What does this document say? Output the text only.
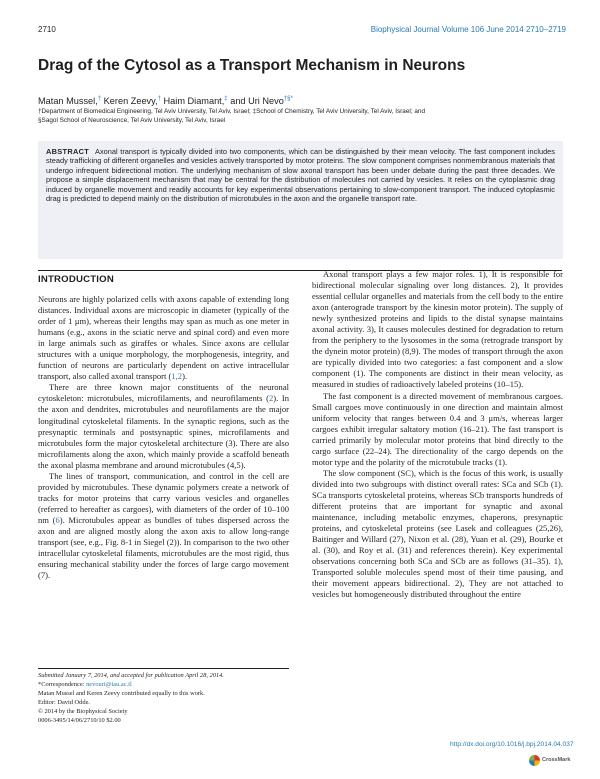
2710	Biophysical Journal Volume 106 June 2014 2710–2719
Drag of the Cytosol as a Transport Mechanism in Neurons
Matan Mussel,† Keren Zeevy,† Haim Diamant,‡ and Uri Nevo†§*
†Department of Biomedical Engineering, Tel Aviv University, Tel Aviv, Israel; ‡School of Chemistry, Tel Aviv University, Tel Aviv, Israel; and
§Sagol School of Neuroscience, Tel Aviv University, Tel Aviv, Israel
ABSTRACT Axonal transport is typically divided into two components, which can be distinguished by their mean velocity. The fast component includes steady trafficking of different organelles and vesicles actively transported by motor proteins. The slow component comprises nonmembranous materials that undergo infrequent bidirectional motion. The underlying mechanism of slow axonal transport has been under debate during the past three decades. We propose a simple displacement mechanism that may be central for the distribution of molecules not carried by vesicles. It relies on the cytoplasmic drag induced by organelle movement and readily accounts for key experimental observations pertaining to slow-component transport. The induced cytoplasmic drag is predicted to depend mainly on the distribution of microtubules in the axon and the organelle transport rate.
INTRODUCTION

Neurons are highly polarized cells with axons capable of extending long distances. Individual axons are microscopic in diameter (typically of the order of 1 μm), whereas their lengths may span as much as one meter in humans (e.g., axons in the sciatic nerve and spinal cord) and even more in large animals such as giraffes or whales. Since axons are cellular structures with a unique morphology, the morphogenesis, integrity, and function of neurons are particularly dependent on active intracellular transport, also called axonal transport (1,2).

There are three known major constituents of the neuronal cytoskeleton: microtubules, microfilaments, and neurofilaments (2). In the axon and dendrites, microtubules and neurofilaments are the major longitudinal cytoskeletal filaments. In the synaptic regions, such as the presynaptic terminals and postsynaptic spines, microfilaments and microtubules form the major cytoskeletal architecture (3). There are also microfilaments along the axon, which mainly provide a scaffold beneath the axonal plasma membrane and around microtubules (4,5).

The lines of transport, communication, and control in the cell are provided by microtubules. These dynamic polymers create a network of tracks for motor proteins that carry various vesicles and organelles (referred to hereafter as cargoes), with diameters of the order of 10–100 nm (6). Microtubules appear as bundles of tubes dispersed across the axon and are aligned mostly along the axon axis to allow long-range transport (see, e.g., Fig. 8-1 in Siegel (2)). In comparison to the two other intracellular cytoskeletal filaments, microtubules are the most rigid, thus ensuring mechanical stability under the forces of large cargo movement (7).

Axonal transport plays a few major roles. 1), It is responsible for bidirectional molecular signaling over long distances. 2), It provides essential cellular organelles and materials from the cell body to the entire axon (anterograde transport by the kinesin motor protein). The supply of newly synthesized proteins and lipids to the distal synapse maintains axonal activity. 3), It causes molecules destined for degradation to return from the periphery to the lysosomes in the soma (retrograde transport by the dynein motor protein) (8,9). The modes of transport through the axon are typically divided into two categories: a fast component and a slow component (1). The components are distinct in their mean velocity, as measured in studies of radioactively labeled proteins (10–15).

The fast component is a directed movement of membranous cargoes. Small cargoes move continuously in one direction and maintain almost uniform velocity that ranges between 0.4 and 3 μm/s, whereas larger cargoes exhibit irregular saltatory motion (16–21). The fast transport is carried primarily by molecular motor proteins that bind directly to the cargo surface (22–24). The directionality of the cargo depends on the motor type and the polarity of the microtubule tracks (1).

The slow component (SC), which is the focus of this work, is usually divided into two subgroups with distinct overall rates: SCa and SCb (1). SCa transports cytoskeletal proteins, whereas SCb transports hundreds of different proteins that are important for synaptic and axonal maintenance, including metabolic enzymes, chaperons, presynaptic proteins, and cytoskeletal proteins (see Lasek and colleagues (25,26), Baitinger and Willard (27), Nixon et al. (28), Yuan et al. (29), Bourke et al. (30), and Roy et al. (31) and references therein). Key experimental observations concerning both SCa and SCb are as follows (31–35). 1), Transported soluble molecules spend most of their time pausing, and their movement appears bidirectional. 2), They are not attached to vesicles but homogeneously distributed throughout the entire

Submitted January 7, 2014, and accepted for publication April 28, 2014.
*Correspondence: nevouri@tau.ac.il
Matan Mussel and Keren Zeevy contributed equally to this work.
Editor: David Odde.
© 2014 by the Biophysical Society
0006-3495/14/06/2710/10 $2.00
http://dx.doi.org/10.1016/j.bpj.2014.04.037
CrossMark
